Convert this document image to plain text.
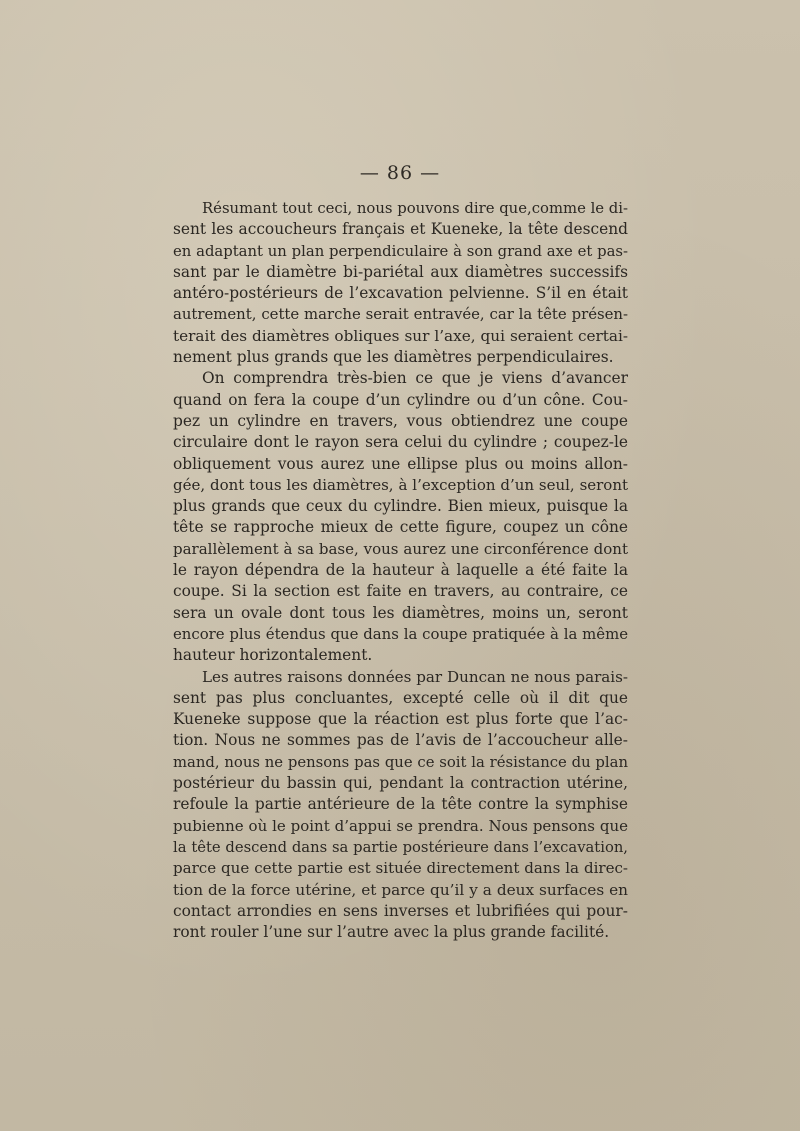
— 86 —
Résumant tout ceci, nous pouvons dire que,comme le di-
sent les accoucheurs français et Kueneke, la tête descend
en adaptant un plan perpendiculaire à son grand axe et pas-
sant par le diamètre bi-pariétal aux diamètres successifs
antéro-postérieurs de l’excavation pelvienne. S’il en était
autrement, cette marche serait entravée, car la tête présen-
terait des diamètres obliques sur l’axe, qui seraient certai-
nement plus grands que les diamètres perpendiculaires.
On comprendra très-bien ce que je viens d’avancer
quand on fera la coupe d’un cylindre ou d’un cône. Cou-
pez un cylindre en travers, vous obtiendrez une coupe
circulaire dont le rayon sera celui du cylindre ; coupez-le
obliquement vous aurez une ellipse plus ou moins allon-
gée, dont tous les diamètres, à l’exception d’un seul, seront
plus grands que ceux du cylindre. Bien mieux, puisque la
tête se rapproche mieux de cette figure, coupez un cône
parallèlement à sa base, vous aurez une circonférence dont
le rayon dépendra de la hauteur à laquelle a été faite la
coupe. Si la section est faite en travers, au contraire, ce
sera un ovale dont tous les diamètres, moins un, seront
encore plus étendus que dans la coupe pratiquée à la même
hauteur horizontalement.
Les autres raisons données par Duncan ne nous parais-
sent pas plus concluantes, excepté celle où il dit que
Kueneke suppose que la réaction est plus forte que l’ac-
tion. Nous ne sommes pas de l’avis de l’accoucheur alle-
mand, nous ne pensons pas que ce soit la résistance du plan
postérieur du bassin qui, pendant la contraction utérine,
refoule la partie antérieure de la tête contre la symphise
pubienne où le point d’appui se prendra. Nous pensons que
la tête descend dans sa partie postérieure dans l’excavation,
parce que cette partie est située directement dans la direc-
tion de la force utérine, et parce qu’il y a deux surfaces en
contact arrondies en sens inverses et lubrifiées qui pour-
ront rouler l’une sur l’autre avec la plus grande facilité.
